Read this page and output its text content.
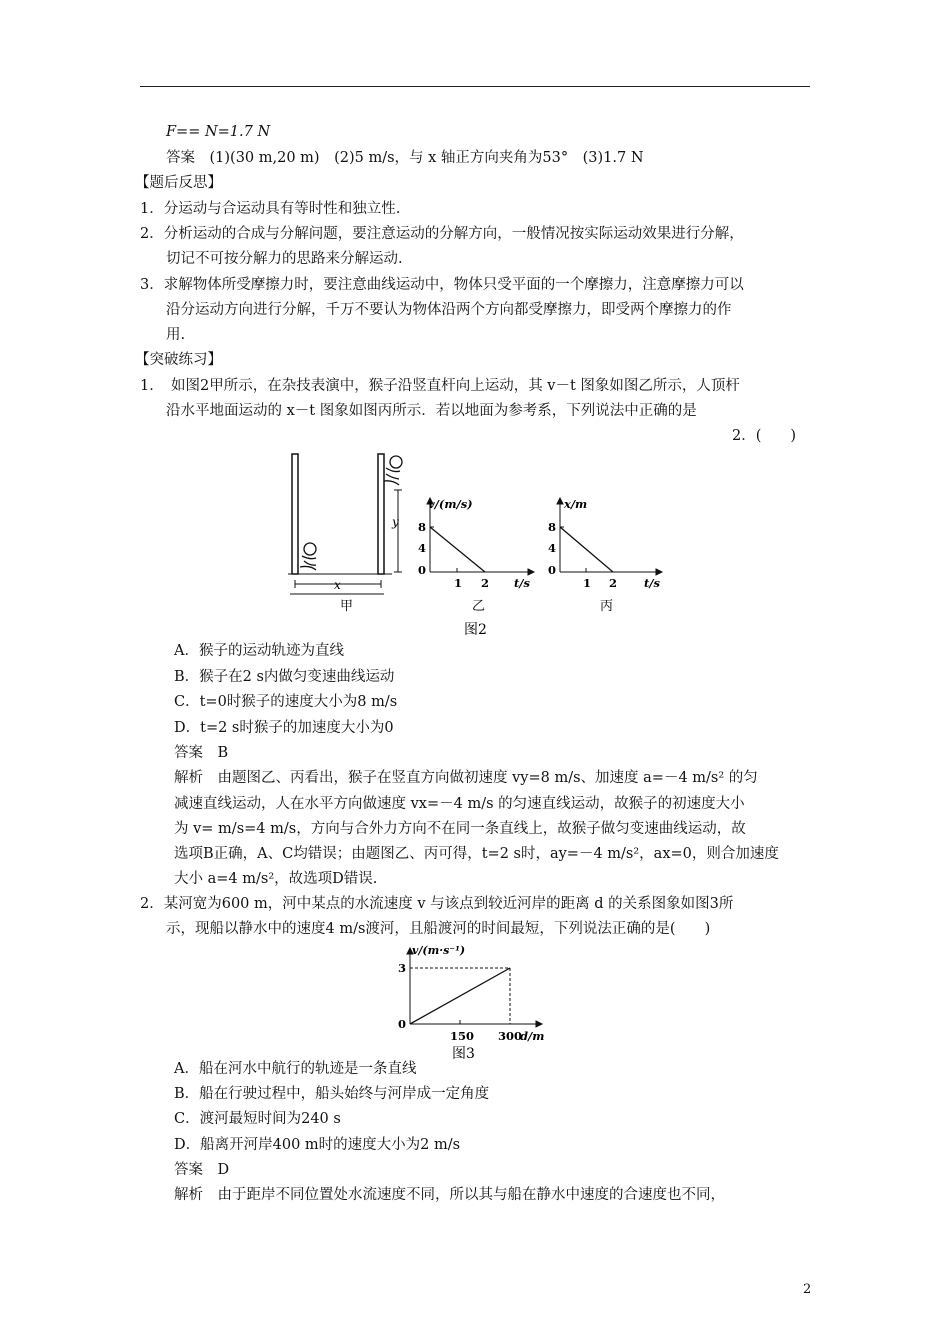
F== N=1.7 N
答案　(1)(30 m,20 m)　(2)5 m/s，与 x 轴正方向夹角为53°　(3)1.7 N
【题后反思】
1．分运动与合运动具有等时性和独立性.
2．分析运动的合成与分解问题，要注意运动的分解方向，一般情况按实际运动效果进行分解，
切记不可按分解力的思路来分解运动.
3．求解物体所受摩擦力时，要注意曲线运动中，物体只受平面的一个摩擦力，注意摩擦力可以
沿分运动方向进行分解，千万不要认为物体沿两个方向都受摩擦力，即受两个摩擦力的作
用.
【突破练习】
1．　如图2甲所示，在杂技表演中，猴子沿竖直杆向上运动，其 v－t 图象如图乙所示，人顶杆
沿水平地面运动的 x－t 图象如图丙所示．若以地面为参考系，下列说法中正确的是
2．(　　)
y
x
甲
v/(m/s)
8
4
0
1 2 t/s
乙
x/m
8
4
0
1 2 t/s
丙
图2
A．猴子的运动轨迹为直线
B．猴子在2 s内做匀变速曲线运动
C．t=0时猴子的速度大小为8 m/s
D．t=2 s时猴子的加速度大小为0
答案　B
解析　由题图乙、丙看出，猴子在竖直方向做初速度 vy=8 m/s、加速度 a=－4 m/s² 的匀
减速直线运动，人在水平方向做速度 vx=－4 m/s 的匀速直线运动，故猴子的初速度大小
为 v= m/s=4 m/s，方向与合外力方向不在同一条直线上，故猴子做匀变速曲线运动，故
选项B正确，A、C均错误；由题图乙、丙可得，t=2 s时，ay=－4 m/s²，ax=0，则合加速度
大小 a=4 m/s²，故选项D错误.
2．某河宽为600 m，河中某点的水流速度 v 与该点到较近河岸的距离 d 的关系图象如图3所
示，现船以静水中的速度4 m/s渡河，且船渡河的时间最短，下列说法正确的是(　　)
v/(m·s⁻¹)
3
0
150 300
d/m
图3
A．船在河水中航行的轨迹是一条直线
B．船在行驶过程中，船头始终与河岸成一定角度
C．渡河最短时间为240 s
D．船离开河岸400 m时的速度大小为2 m/s
答案　D
解析　由于距岸不同位置处水流速度不同，所以其与船在静水中速度的合速度也不同，
2
